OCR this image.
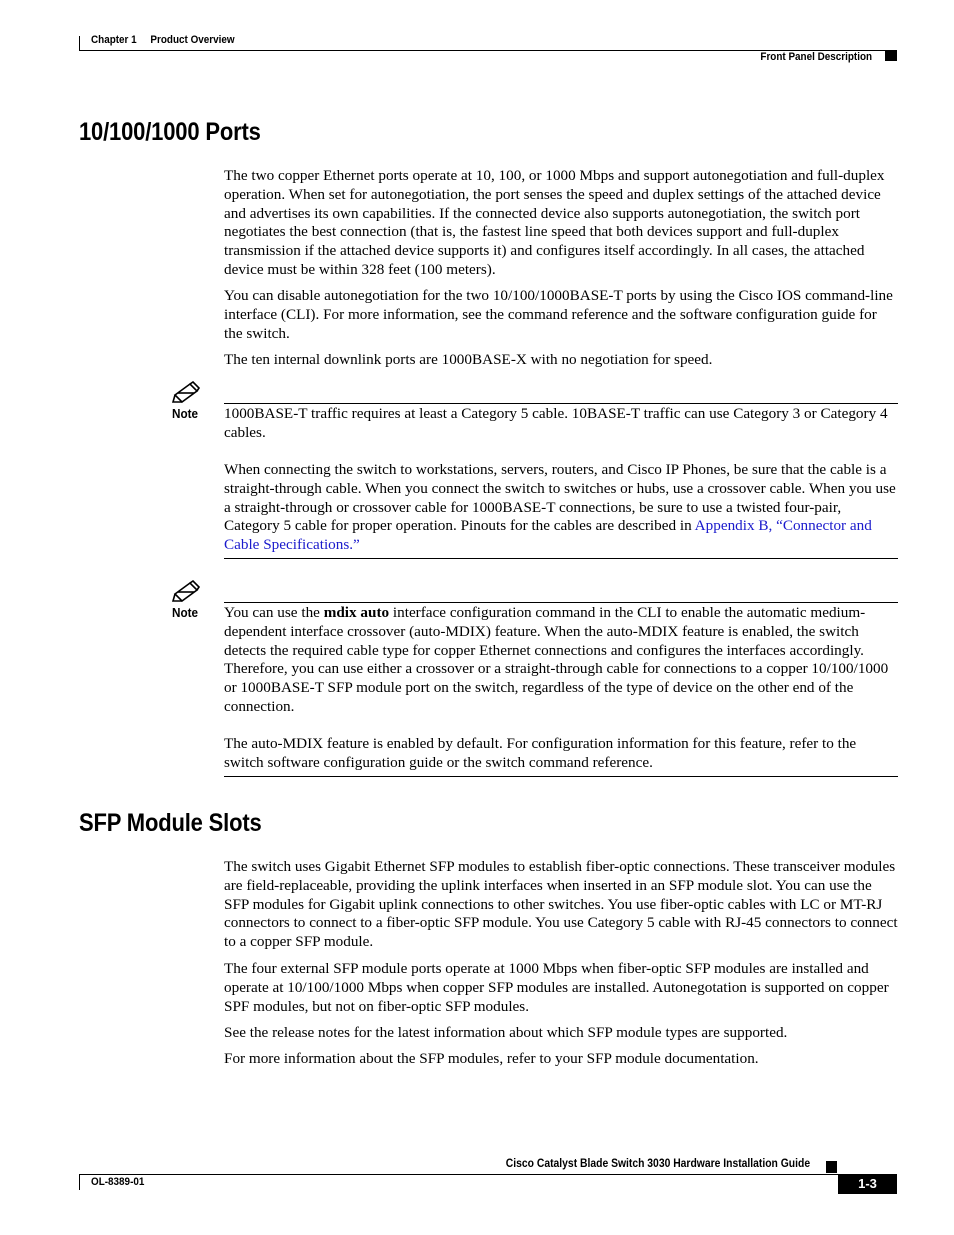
Chapter 1 Product Overview
Front Panel Description
10/100/1000 Ports

The two copper Ethernet ports operate at 10, 100, or 1000 Mbps and support autonegotiation and full-duplex operation. When set for autonegotiation, the port senses the speed and duplex settings of the attached device and advertises its own capabilities. If the connected device also supports autonegotiation, the switch port negotiates the best connection (that is, the fastest line speed that both devices support and full-duplex transmission if the attached device supports it) and configures itself accordingly. In all cases, the attached device must be within 328 feet (100 meters).

You can disable autonegotiation for the two 10/100/1000BASE-T ports by using the Cisco IOS command-line interface (CLI). For more information, see the command reference and the software configuration guide for the switch.

The ten internal downlink ports are 1000BASE-X with no negotiation for speed.

Note 1000BASE-T traffic requires at least a Category 5 cable. 10BASE-T traffic can use Category 3 or Category 4 cables.

When connecting the switch to workstations, servers, routers, and Cisco IP Phones, be sure that the cable is a straight-through cable. When you connect the switch to switches or hubs, use a crossover cable. When you use a straight-through or crossover cable for 1000BASE-T connections, be sure to use a twisted four-pair, Category 5 cable for proper operation. Pinouts for the cables are described in Appendix B, “Connector and Cable Specifications.”

Note You can use the mdix auto interface configuration command in the CLI to enable the automatic medium-dependent interface crossover (auto-MDIX) feature. When the auto-MDIX feature is enabled, the switch detects the required cable type for copper Ethernet connections and configures the interfaces accordingly. Therefore, you can use either a crossover or a straight-through cable for connections to a copper 10/100/1000 or 1000BASE-T SFP module port on the switch, regardless of the type of device on the other end of the connection.

The auto-MDIX feature is enabled by default. For configuration information for this feature, refer to the switch software configuration guide or the switch command reference.

SFP Module Slots

The switch uses Gigabit Ethernet SFP modules to establish fiber-optic connections. These transceiver modules are field-replaceable, providing the uplink interfaces when inserted in an SFP module slot. You can use the SFP modules for Gigabit uplink connections to other switches. You use fiber-optic cables with LC or MT-RJ connectors to connect to a fiber-optic SFP module. You use Category 5 cable with RJ-45 connectors to connect to a copper SFP module.

The four external SFP module ports operate at 1000 Mbps when fiber-optic SFP modules are installed and operate at 10/100/1000 Mbps when copper SFP modules are installed. Autonegotation is supported on copper SPF modules, but not on fiber-optic SFP modules.

See the release notes for the latest information about which SFP module types are supported.

For more information about the SFP modules, refer to your SFP module documentation.

Cisco Catalyst Blade Switch 3030 Hardware Installation Guide
OL-8389-01	1-3
